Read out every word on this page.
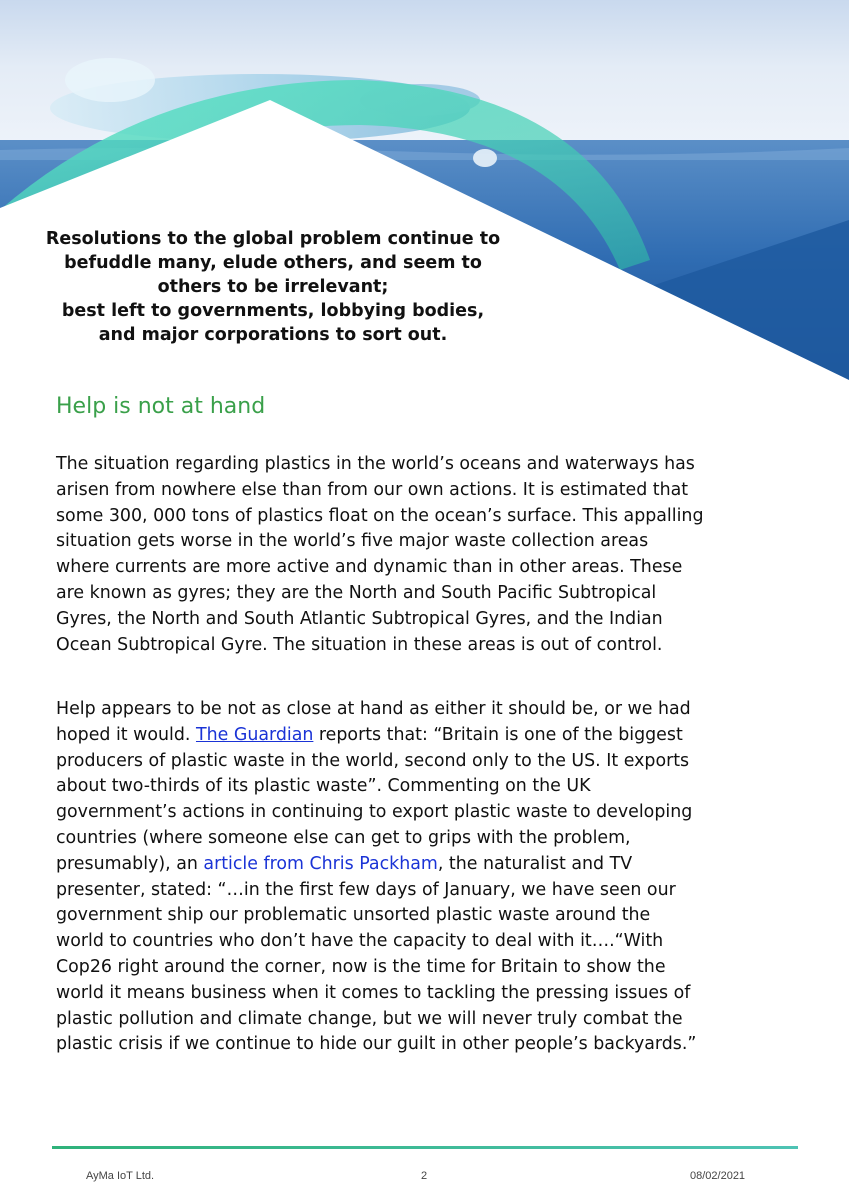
Resolutions to the global problem continue to
befuddle many, elude others, and seem to
others to be irrelevant;
best left to governments, lobbying bodies,
and major corporations to sort out.
Help is not at hand
The situation regarding plastics in the world’s oceans and waterways has
arisen from nowhere else than from our own actions. It is estimated that
some 300, 000 tons of plastics float on the ocean’s surface. This appalling
situation gets worse in the world’s five major waste collection areas
where currents are more active and dynamic than in other areas. These
are known as gyres; they are the North and South Pacific Subtropical
Gyres, the North and South Atlantic Subtropical Gyres, and the Indian
Ocean Subtropical Gyre. The situation in these areas is out of control.
Help appears to be not as close at hand as either it should be, or we had
hoped it would. The Guardian reports that: “Britain is one of the biggest
producers of plastic waste in the world, second only to the US. It exports
about two-thirds of its plastic waste”. Commenting on the UK
government’s actions in continuing to export plastic waste to developing
countries (where someone else can get to grips with the problem,
presumably), an article from Chris Packham, the naturalist and TV
presenter, stated: “…in the first few days of January, we have seen our
government ship our problematic unsorted plastic waste around the
world to countries who don’t have the capacity to deal with it….“With
Cop26 right around the corner, now is the time for Britain to show the
world it means business when it comes to tackling the pressing issues of
plastic pollution and climate change, but we will never truly combat the
plastic crisis if we continue to hide our guilt in other people’s backyards.”
AyMa IoT Ltd.	2	08/02/2021
